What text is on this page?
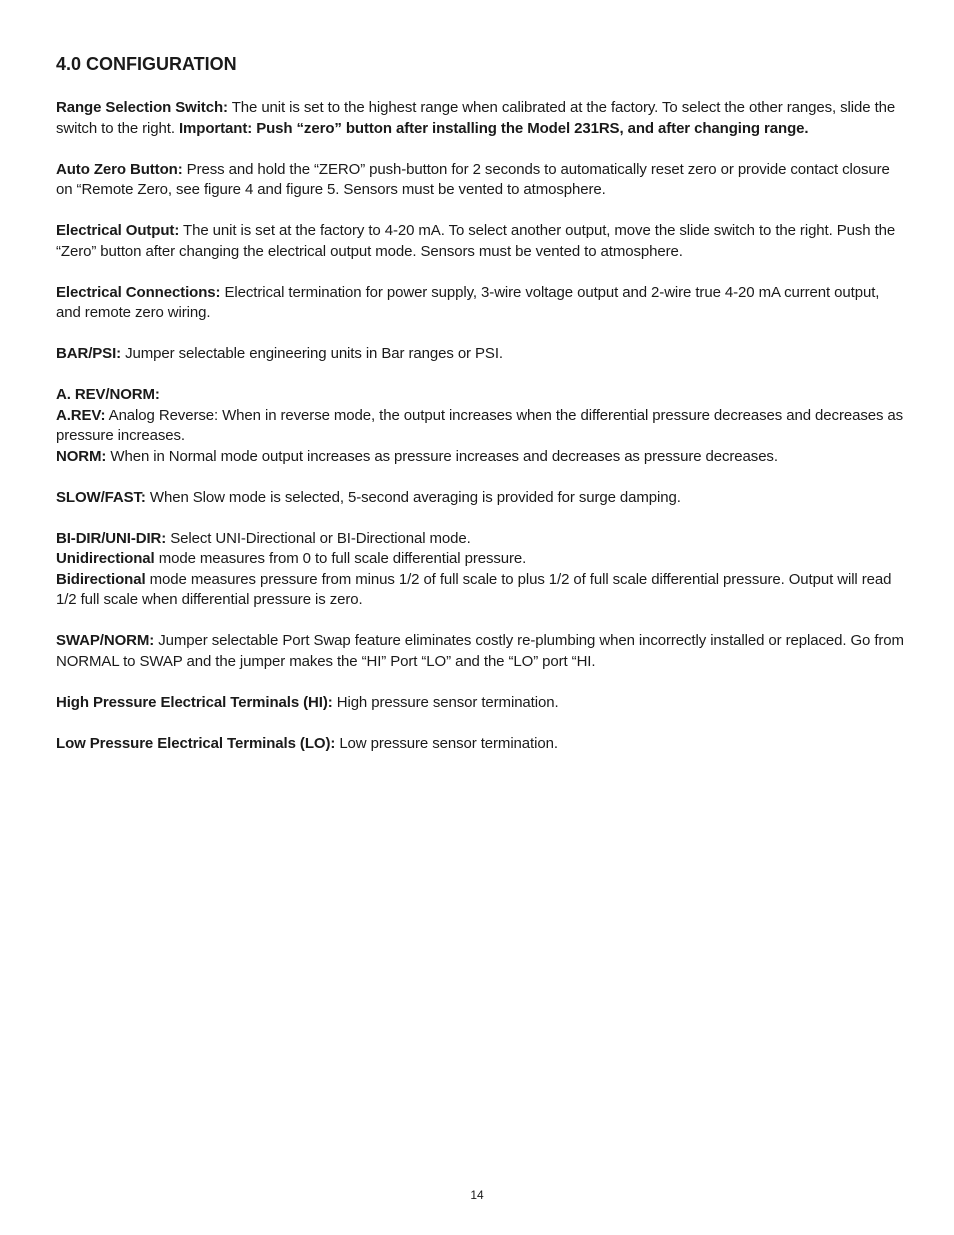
4.0 CONFIGURATION

Range Selection Switch: The unit is set to the highest range when calibrated at the factory. To select the other ranges, slide the switch to the right. Important: Push “zero” button after installing the Model 231RS, and after changing range.

Auto Zero Button: Press and hold the “ZERO” push-button for 2 seconds to automatically reset zero or provide contact closure on “Remote Zero, see figure 4 and figure 5. Sensors must be vented to atmosphere.

Electrical Output: The unit is set at the factory to 4-20 mA. To select another output, move the slide switch to the right. Push the “Zero” button after changing the electrical output mode. Sensors must be vented to atmosphere.

Electrical Connections: Electrical termination for power supply, 3-wire voltage output and 2-wire true 4-20 mA current output, and remote zero wiring.

BAR/PSI: Jumper selectable engineering units in Bar ranges or PSI.

A. REV/NORM:
A.REV: Analog Reverse: When in reverse mode, the output increases when the differential pressure decreases and decreases as pressure increases.
NORM: When in Normal mode output increases as pressure increases and decreases as pressure decreases.

SLOW/FAST: When Slow mode is selected, 5-second averaging is provided for surge damping.

BI-DIR/UNI-DIR: Select UNI-Directional or BI-Directional mode.
Unidirectional mode measures from 0 to full scale differential pressure.
Bidirectional mode measures pressure from minus 1/2 of full scale to plus 1/2 of full scale differential pressure. Output will read 1/2 full scale when differential pressure is zero.

SWAP/NORM: Jumper selectable Port Swap feature eliminates costly re-plumbing when incorrectly installed or replaced. Go from NORMAL to SWAP and the jumper makes the “HI” Port “LO” and the “LO” port “HI.

High Pressure Electrical Terminals (HI): High pressure sensor termination.

Low Pressure Electrical Terminals (LO): Low pressure sensor termination.

14
